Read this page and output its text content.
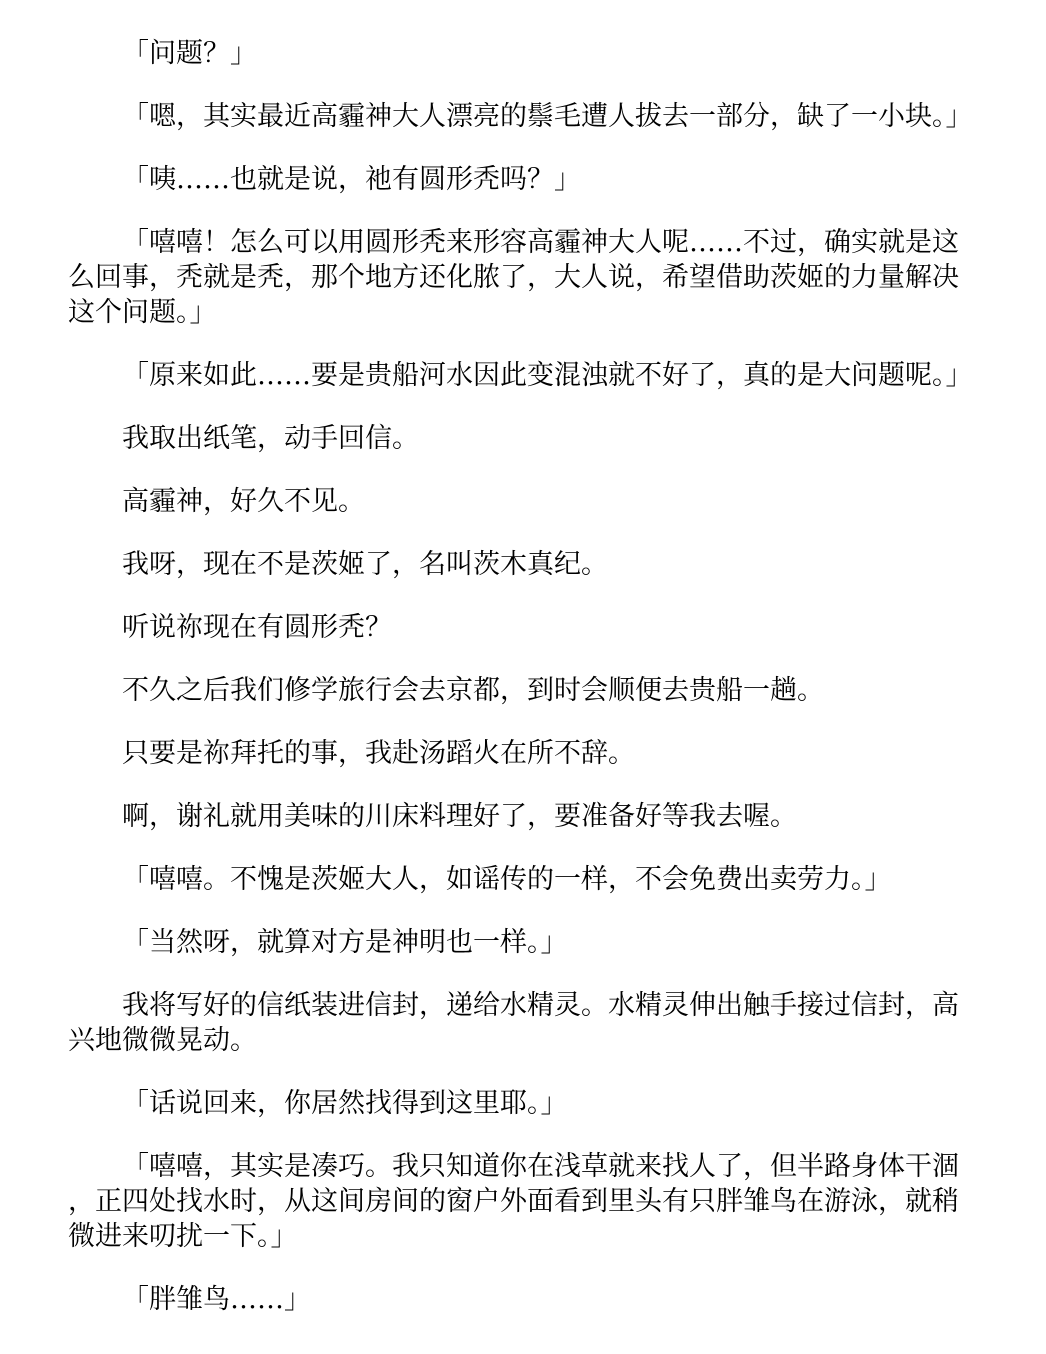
「问题？」

「嗯，其实最近高霾神大人漂亮的鬃毛遭人拔去一部分，缺了一小块。」

「咦……也就是说，祂有圆形秃吗？」

「嘻嘻！怎么可以用圆形秃来形容高霾神大人呢……不过，确实就是这么回事，秃就是秃，那个地方还化脓了，大人说，希望借助茨姬的力量解决这个问题。」

「原来如此……要是贵船河水因此变混浊就不好了，真的是大问题呢。」

我取出纸笔，动手回信。

高霾神，好久不见。

我呀，现在不是茨姬了，名叫茨木真纪。

听说祢现在有圆形秃？

不久之后我们修学旅行会去京都，到时会顺便去贵船一趟。

只要是祢拜托的事，我赴汤蹈火在所不辞。

啊，谢礼就用美味的川床料理好了，要准备好等我去喔。

「嘻嘻。不愧是茨姬大人，如谣传的一样，不会免费出卖劳力。」

「当然呀，就算对方是神明也一样。」

我将写好的信纸装进信封，递给水精灵。水精灵伸出触手接过信封，高兴地微微晃动。

「话说回来，你居然找得到这里耶。」

「嘻嘻，其实是凑巧。我只知道你在浅草就来找人了，但半路身体干涸，正四处找水时，从这间房间的窗户外面看到里头有只胖雏鸟在游泳，就稍微进来叨扰一下。」

「胖雏鸟……」
